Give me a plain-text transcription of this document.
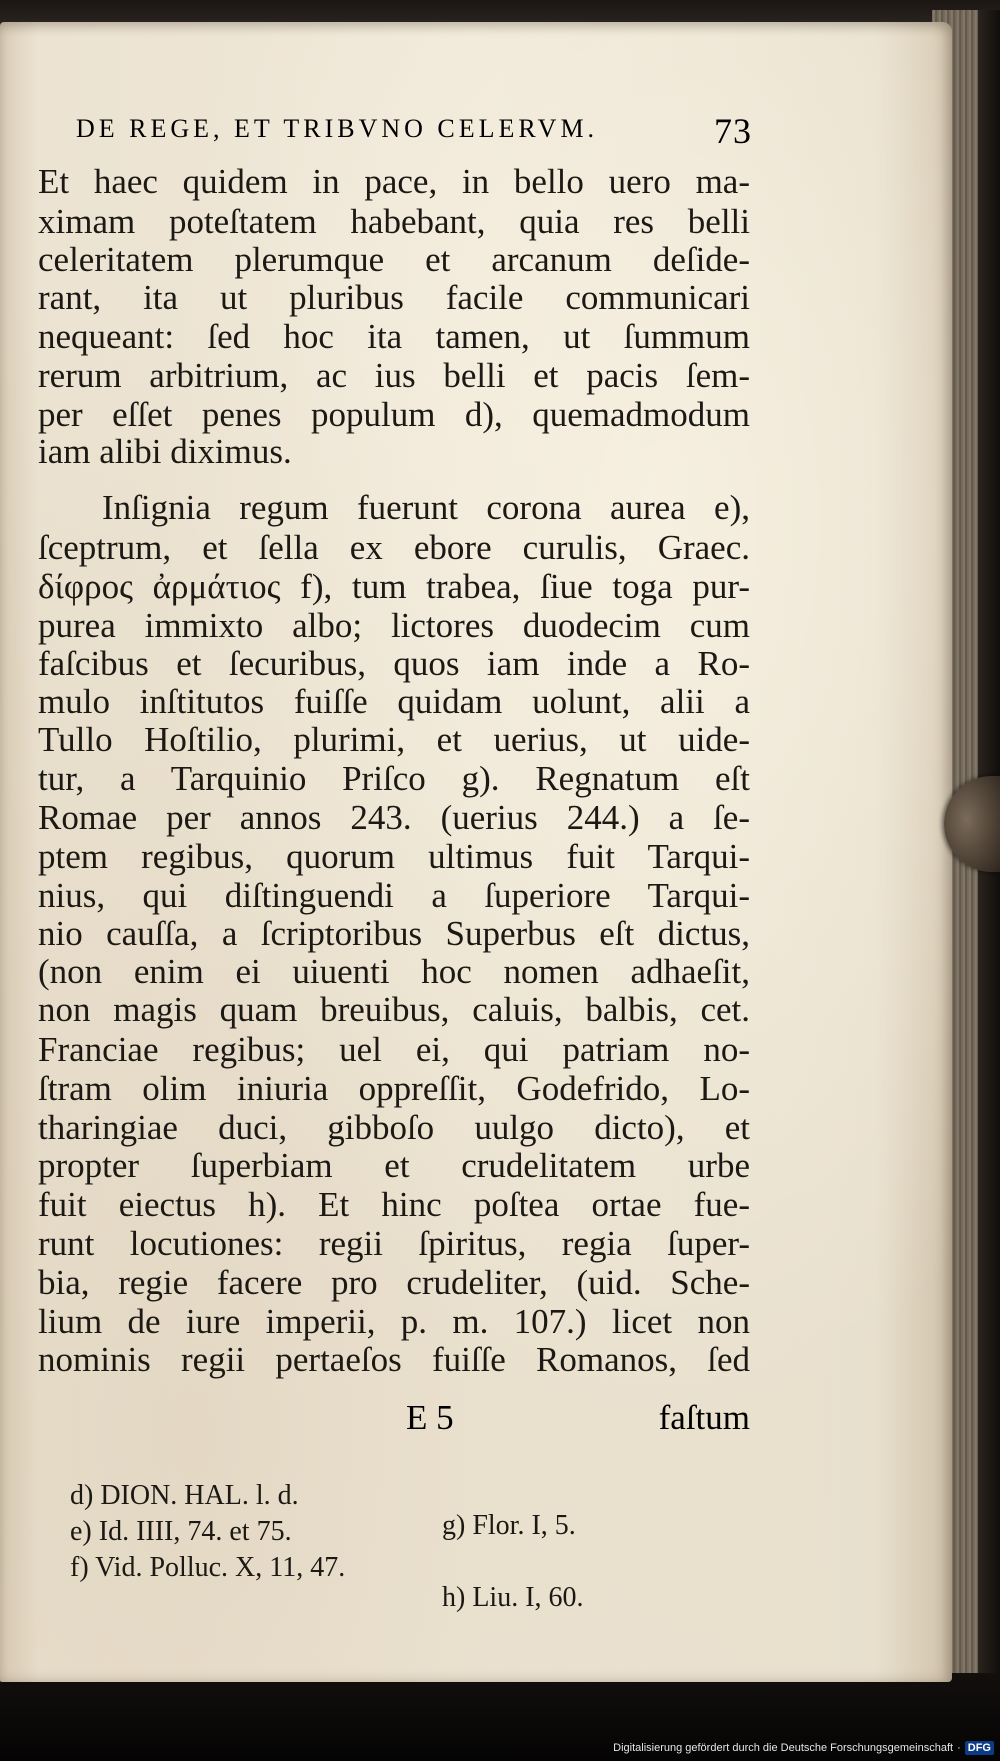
DE REGE, ET TRIBVNO CELERVM.	73
Et haec quidem in pace, in bello uero ma-
ximam poteſtatem habebant, quia res belli
celeritatem plerumque et arcanum deſide-
rant, ita ut pluribus facile communicari
nequeant: ſed hoc ita tamen, ut ſummum
rerum arbitrium, ac ius belli et pacis ſem-
per eſſet penes populum d), quemadmodum
iam alibi diximus.
Inſignia regum fuerunt corona aurea e),
ſceptrum, et ſella ex ebore curulis, Graec.
δίφρος ἀρμάτιος f), tum trabea, ſiue toga pur-
purea immixto albo; lictores duodecim cum
faſcibus et ſecuribus, quos iam inde a Ro-
mulo inſtitutos fuiſſe quidam uolunt, alii a
Tullo Hoſtilio, plurimi, et uerius, ut uide-
tur, a Tarquinio Priſco g). Regnatum eſt
Romae per annos 243. (uerius 244.) a ſe-
ptem regibus, quorum ultimus fuit Tarqui-
nius, qui diſtinguendi a ſuperiore Tarqui-
nio cauſſa, a ſcriptoribus Superbus eſt dictus,
(non enim ei uiuenti hoc nomen adhaeſit,
non magis quam breuibus, caluis, balbis, cet.
Franciae regibus; uel ei, qui patriam no-
ſtram olim iniuria oppreſſit, Godefrido, Lo-
tharingiae duci, gibboſo uulgo dicto), et
propter ſuperbiam et crudelitatem urbe
fuit eiectus h). Et hinc poſtea ortae fue-
runt locutiones: regii ſpiritus, regia ſuper-
bia, regie facere pro crudeliter, (uid. Sche-
lium de iure imperii, p. m. 107.) licet non
nominis regii pertaeſos fuiſſe Romanos, ſed
E 5	faſtum
d) DION. HAL. l. d.
e) Id. IIII, 74. et 75.
f) Vid. Polluc. X, 11, 47.
g) Flor. I, 5.
h) Liu. I, 60.
Digitalisierung gefördert durch die Deutsche Forschungsgemeinschaft · DFG
